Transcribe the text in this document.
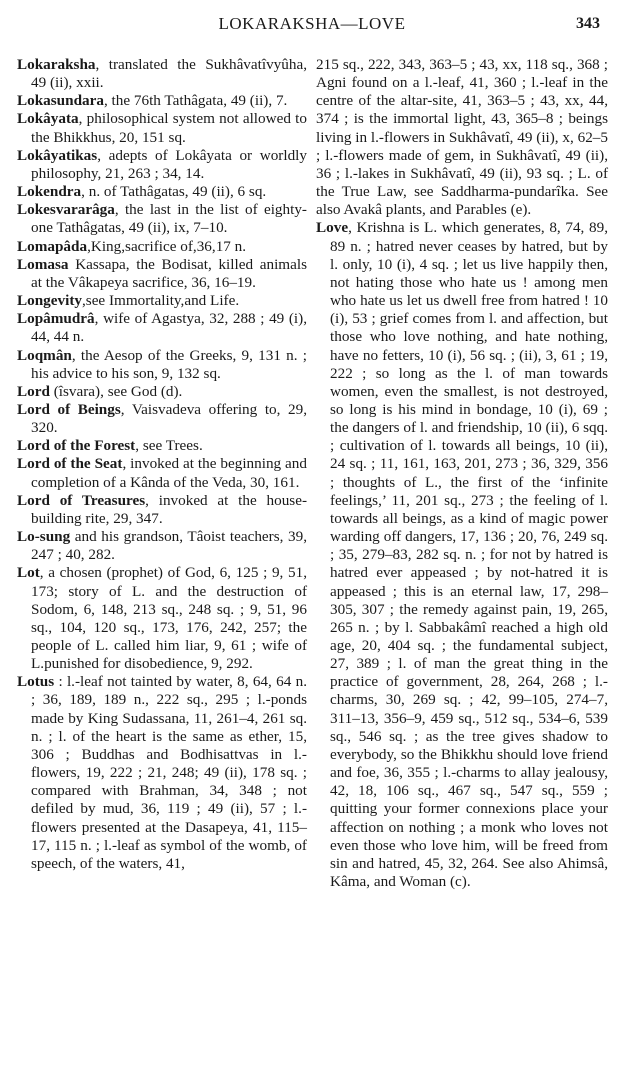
LOKARAKSHA—LOVE	343

Lokaraksha, translated the Sukhâvatîvyûha, 49 (ii), xxii.

Lokasundara, the 76th Tathâgata, 49 (ii), 7.

Lokâyata, philosophical system not allowed to the Bhikkhus, 20, 151 sq.

Lokâyatikas, adepts of Lokâyata or worldly philosophy, 21, 263 ; 34, 14.

Lokendra, n. of Tathâgatas, 49 (ii), 6 sq.

Lokesvararâga, the last in the list of eighty-one Tathâgatas, 49 (ii), ix, 7–10.

Lomapâda,King,sacrifice of,36,17 n.

Lomasa Kassapa, the Bodisat, killed animals at the Vâkapeya sacrifice, 36, 16–19.

Longevity,see Immortality,and Life.

Lopâmudrâ, wife of Agastya, 32, 288 ; 49 (i), 44, 44 n.

Loqmân, the Aesop of the Greeks, 9, 131 n. ; his advice to his son, 9, 132 sq.

Lord (îsvara), see God (d).

Lord of Beings, Vaisvadeva offering to, 29, 320.

Lord of the Forest, see Trees.

Lord of the Seat, invoked at the beginning and completion of a Kânda of the Veda, 30, 161.

Lord of Treasures, invoked at the house-building rite, 29, 347.

Lo-sung and his grandson, Tâoist teachers, 39, 247 ; 40, 282.

Lot, a chosen (prophet) of God, 6, 125 ; 9, 51, 173; story of L. and the destruction of Sodom, 6, 148, 213 sq., 248 sq. ; 9, 51, 96 sq., 104, 120 sq., 173, 176, 242, 257; the people of L. called him liar, 9, 61 ; wife of L.punished for disobedience, 9, 292.

Lotus : l.-leaf not tainted by water, 8, 64, 64 n. ; 36, 189, 189 n., 222 sq., 295 ; l.-ponds made by King Sudassana, 11, 261–4, 261 sq. n. ; l. of the heart is the same as ether, 15, 306 ; Buddhas and Bodhisattvas in l.-flowers, 19, 222 ; 21, 248; 49 (ii), 178 sq. ; compared with Brahman, 34, 348 ; not defiled by mud, 36, 119 ; 49 (ii), 57 ; l.-flowers presented at the Dasapeya, 41, 115–17, 115 n. ; l.-leaf as symbol of the womb, of speech, of the waters, 41,

215 sq., 222, 343, 363–5 ; 43, xx, 118 sq., 368 ; Agni found on a l.-leaf, 41, 360 ; l.-leaf in the centre of the altar-site, 41, 363–5 ; 43, xx, 44, 374 ; is the immortal light, 43, 365–8 ; beings living in l.-flowers in Sukhâvatî, 49 (ii), x, 62–5 ; l.-flowers made of gem, in Sukhâvatî, 49 (ii), 36 ; l.-lakes in Sukhâvatî, 49 (ii), 93 sq. ; L. of the True Law, see Saddharma-pundarîka. See also Avakâ plants, and Parables (e).

Love, Krishna is L. which generates, 8, 74, 89, 89 n. ; hatred never ceases by hatred, but by l. only, 10 (i), 4 sq. ; let us live happily then, not hating those who hate us ! among men who hate us let us dwell free from hatred ! 10 (i), 53 ; grief comes from l. and affection, but those who love nothing, and hate nothing, have no fetters, 10 (i), 56 sq. ; (ii), 3, 61 ; 19, 222 ; so long as the l. of man towards women, even the smallest, is not destroyed, so long is his mind in bondage, 10 (i), 69 ; the dangers of l. and friendship, 10 (ii), 6 sqq. ; cultivation of l. towards all beings, 10 (ii), 24 sq. ; 11, 161, 163, 201, 273 ; 36, 329, 356 ; thoughts of L., the first of the ‘infinite feelings,’ 11, 201 sq., 273 ; the feeling of l. towards all beings, as a kind of magic power warding off dangers, 17, 136 ; 20, 76, 249 sq. ; 35, 279–83, 282 sq. n. ; for not by hatred is hatred ever appeased ; by not-hatred it is appeased ; this is an eternal law, 17, 298–305, 307 ; the remedy against pain, 19, 265, 265 n. ; by l. Sabbakâmî reached a high old age, 20, 404 sq. ; the fundamental subject, 27, 389 ; l. of man the great thing in the practice of government, 28, 264, 268 ; l.-charms, 30, 269 sq. ; 42, 99–105, 274–7, 311–13, 356–9, 459 sq., 512 sq., 534–6, 539 sq., 546 sq. ; as the tree gives shadow to everybody, so the Bhikkhu should love friend and foe, 36, 355 ; l.-charms to allay jealousy, 42, 18, 106 sq., 467 sq., 547 sq., 559 ; quitting your former connexions place your affection on nothing ; a monk who loves not even those who love him, will be freed from sin and hatred, 45, 32, 264. See also Ahimsâ, Kâma, and Woman (c).
